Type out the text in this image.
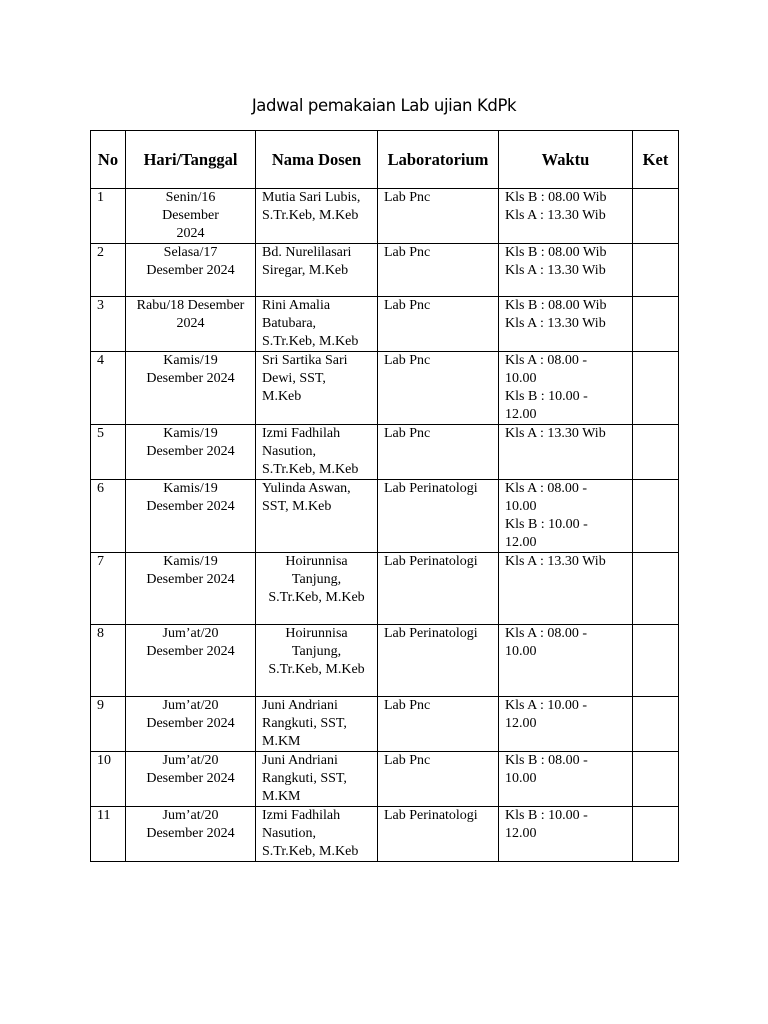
Jadwal pemakaian Lab ujian KdPk
No	Hari/Tanggal	Nama Dosen	Laboratorium	Waktu	Ket
1	Senin/16
Desember
2024	Mutia Sari Lubis,
S.Tr.Keb, M.Keb	Lab Pnc	Kls B : 08.00 Wib
Kls A : 13.30 Wib	

2	Selasa/17
Desember 2024	Bd. Nurelilasari
Siregar, M.Keb	Lab Pnc	Kls B : 08.00 Wib
Kls A : 13.30 Wib	

3	Rabu/18 Desember
2024	Rini Amalia
Batubara,
S.Tr.Keb, M.Keb	Lab Pnc	Kls B : 08.00 Wib
Kls A : 13.30 Wib	

4	Kamis/19
Desember 2024	Sri Sartika Sari
Dewi, SST,
M.Keb	Lab Pnc	Kls A : 08.00 -
10.00
Kls B : 10.00 -
12.00	

5	Kamis/19
Desember 2024	Izmi Fadhilah
Nasution,
S.Tr.Keb, M.Keb	Lab Pnc	Kls A : 13.30 Wib	

6	Kamis/19
Desember 2024	Yulinda Aswan,
SST, M.Keb	Lab Perinatologi	Kls A : 08.00 -
10.00
Kls B : 10.00 -
12.00	

7	Kamis/19
Desember 2024	Hoirunnisa
Tanjung,
S.Tr.Keb, M.Keb	Lab Perinatologi	Kls A : 13.30 Wib	

8	Jum’at/20
Desember 2024	Hoirunnisa
Tanjung,
S.Tr.Keb, M.Keb	Lab Perinatologi	Kls A : 08.00 -
10.00	

9	Jum’at/20
Desember 2024	Juni Andriani
Rangkuti, SST,
M.KM	Lab Pnc	Kls A : 10.00 -
12.00	

10	Jum’at/20
Desember 2024	Juni Andriani
Rangkuti, SST,
M.KM	Lab Pnc	Kls B : 08.00 -
10.00	

11	Jum’at/20
Desember 2024	Izmi Fadhilah
Nasution,
S.Tr.Keb, M.Keb	Lab Perinatologi	Kls B : 10.00 -
12.00	
